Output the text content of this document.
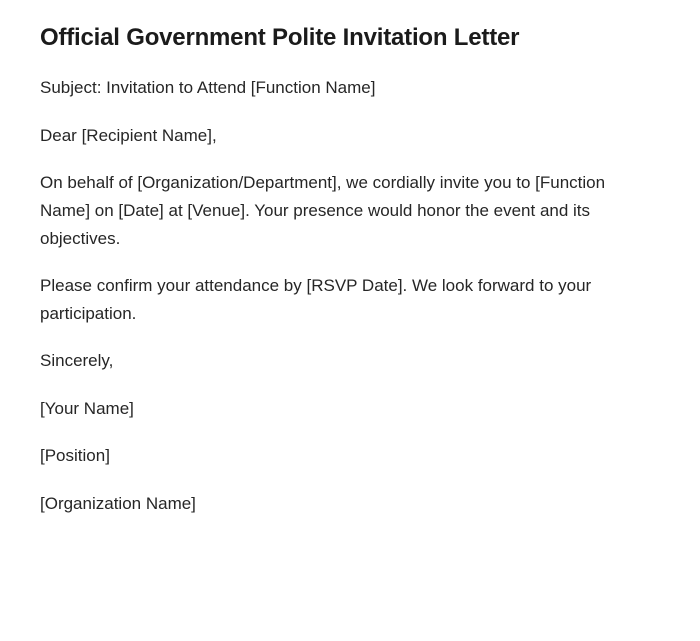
Official Government Polite Invitation Letter

Subject: Invitation to Attend [Function Name]

Dear [Recipient Name],

On behalf of [Organization/Department], we cordially invite you to [Function Name] on [Date] at [Venue]. Your presence would honor the event and its objectives.

Please confirm your attendance by [RSVP Date]. We look forward to your participation.

Sincerely,

[Your Name]

[Position]

[Organization Name]
